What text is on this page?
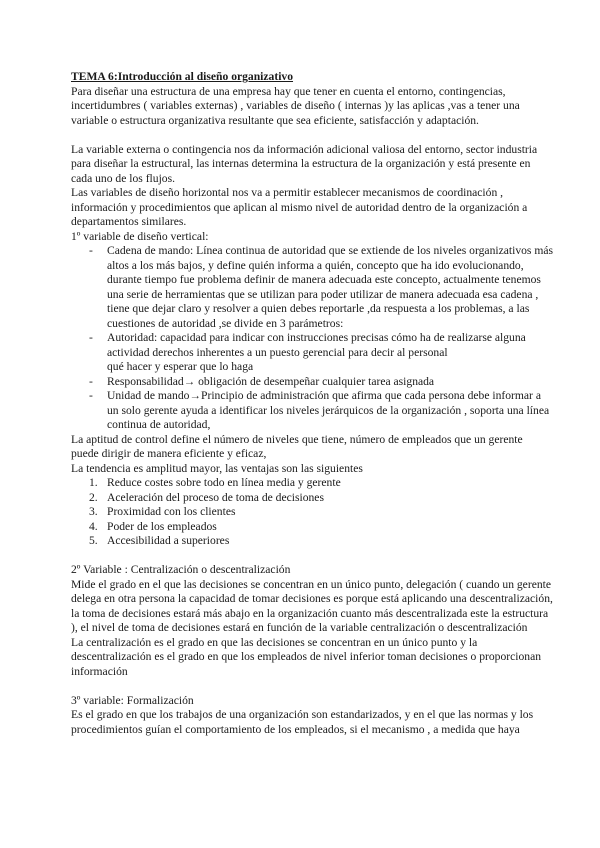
TEMA 6:Introducción al diseño organizativo

Para diseñar una estructura de una empresa hay que tener en cuenta el entorno, contingencias, incertidumbres ( variables externas) , variables de diseño ( internas )y las aplicas ,vas a tener una variable o estructura organizativa resultante que sea eficiente, satisfacción y adaptación.

La variable externa o contingencia nos da información adicional valiosa del entorno, sector industria para diseñar la estructural, las internas determina la estructura de la organización y está presente en cada uno de los flujos.

Las variables de diseño horizontal nos va a permitir establecer mecanismos de coordinación , información y procedimientos que aplican al mismo nivel de autoridad dentro de la organización a departamentos similares.

1º variable de diseño vertical:

- Cadena de mando: Línea continua de autoridad que se extiende de los niveles organizativos más altos a los más bajos, y define quién informa a quién, concepto que ha ido evolucionando, durante tiempo fue problema definir de manera adecuada este concepto, actualmente tenemos una serie de herramientas que se utilizan para poder utilizar de manera adecuada esa cadena , tiene que dejar claro y resolver a quien debes reportarle ,da respuesta a los problemas, a las cuestiones de autoridad ,se divide en 3 parámetros:
- Autoridad: capacidad para indicar con instrucciones precisas cómo ha de realizarse alguna actividad derechos inherentes a un puesto gerencial para decir al personal

qué hacer y esperar que lo haga

- Responsabilidad→ obligación de desempeñar cualquier tarea asignada
- Unidad de mando→Principio de administración que afirma que cada persona debe informar a un solo gerente ayuda a identificar los niveles jerárquicos de la organización , soporta una línea continua de autoridad,

La aptitud de control define el número de niveles que tiene, número de empleados que un gerente puede dirigir de manera eficiente y eficaz,

La tendencia es amplitud mayor, las ventajas son las siguientes

1. Reduce costes sobre todo en línea media y gerente
2. Aceleración del proceso de toma de decisiones
3. Proximidad con los clientes
4. Poder de los empleados
5. Accesibilidad a superiores

2º Variable : Centralización o descentralización

Mide el grado en el que las decisiones se concentran en un único punto, delegación ( cuando un gerente delega en otra persona la capacidad de tomar decisiones es porque está aplicando una descentralización, la toma de decisiones estará más abajo en la organización cuanto más descentralizada este la estructura ), el nivel de toma de decisiones estará en función de la variable centralización o descentralización

La centralización es el grado en que las decisiones se concentran en un único punto y la descentralización es el grado en que los empleados de nivel inferior toman decisiones o proporcionan información

3º variable: Formalización

Es el grado en que los trabajos de una organización son estandarizados, y en el que las normas y los procedimientos guían el comportamiento de los empleados, si el mecanismo , a medida que haya
